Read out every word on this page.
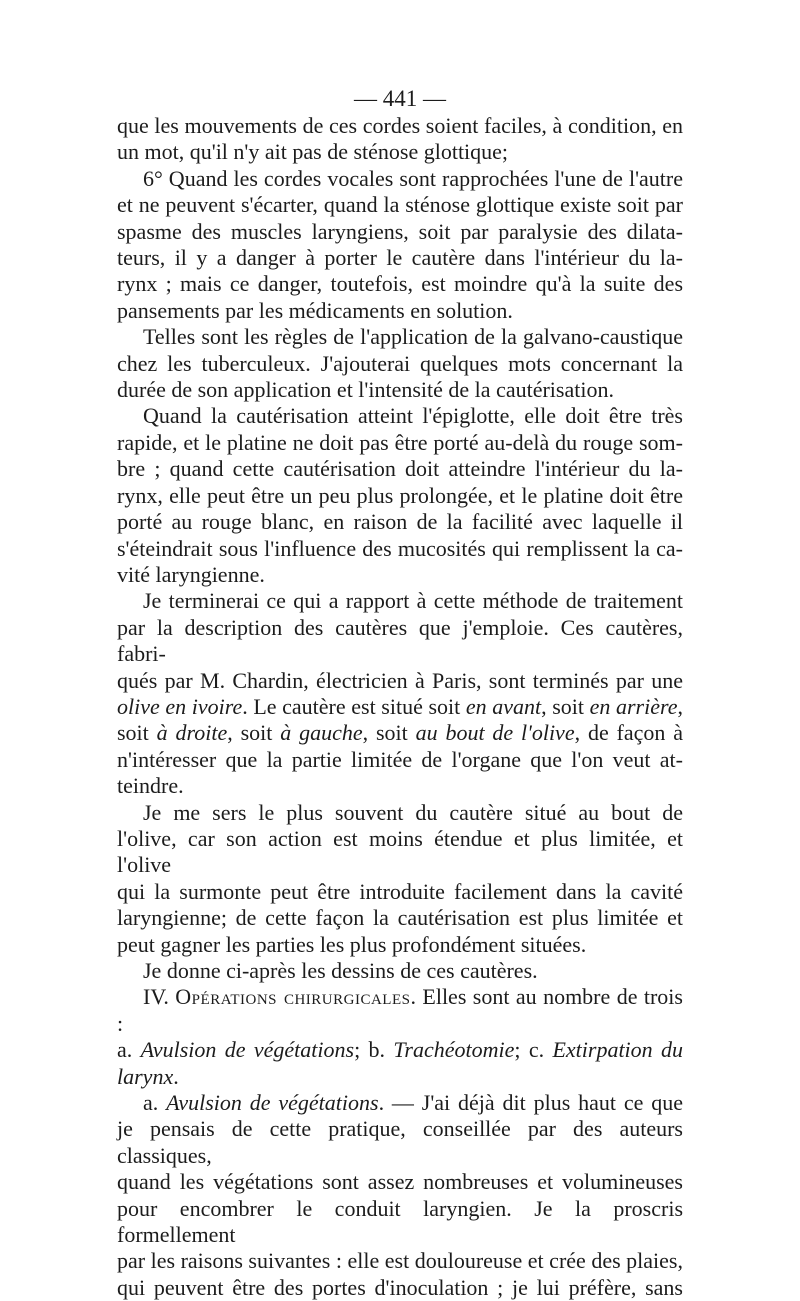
— 441 —

que les mouvements de ces cordes soient faciles, à condition, en

un mot, qu'il n'y ait pas de sténose glottique;

6° Quand les cordes vocales sont rapprochées l'une de l'autre

et ne peuvent s'écarter, quand la sténose glottique existe soit par

spasme des muscles laryngiens, soit par paralysie des dilata-

teurs, il y a danger à porter le cautère dans l'intérieur du la-

rynx ; mais ce danger, toutefois, est moindre qu'à la suite des

pansements par les médicaments en solution.

Telles sont les règles de l'application de la galvano-caustique

chez les tuberculeux. J'ajouterai quelques mots concernant la

durée de son application et l'intensité de la cautérisation.

Quand la cautérisation atteint l'épiglotte, elle doit être très

rapide, et le platine ne doit pas être porté au-delà du rouge som-

bre ; quand cette cautérisation doit atteindre l'intérieur du la-

rynx, elle peut être un peu plus prolongée, et le platine doit être

porté au rouge blanc, en raison de la facilité avec laquelle il

s'éteindrait sous l'influence des mucosités qui remplissent la ca-

vité laryngienne.

Je terminerai ce qui a rapport à cette méthode de traitement

par la description des cautères que j'emploie. Ces cautères, fabri-

qués par M. Chardin, électricien à Paris, sont terminés par une

olive en ivoire. Le cautère est situé soit en avant, soit en arrière,

soit à droite, soit à gauche, soit au bout de l'olive, de façon à

n'intéresser que la partie limitée de l'organe que l'on veut at-

teindre.

Je me sers le plus souvent du cautère situé au bout de

l'olive, car son action est moins étendue et plus limitée, et l'olive

qui la surmonte peut être introduite facilement dans la cavité

laryngienne; de cette façon la cautérisation est plus limitée et

peut gagner les parties les plus profondément situées.

Je donne ci-après les dessins de ces cautères.

IV. Opérations chirurgicales. Elles sont au nombre de trois :

a. Avulsion de végétations; b. Trachéotomie; c. Extirpation du

larynx.

a. Avulsion de végétations. — J'ai déjà dit plus haut ce que

je pensais de cette pratique, conseillée par des auteurs classiques,

quand les végétations sont assez nombreuses et volumineuses

pour encombrer le conduit laryngien. Je la proscris formellement

par les raisons suivantes : elle est douloureuse et crée des plaies,

qui peuvent être des portes d'inoculation ; je lui préfère, sans
